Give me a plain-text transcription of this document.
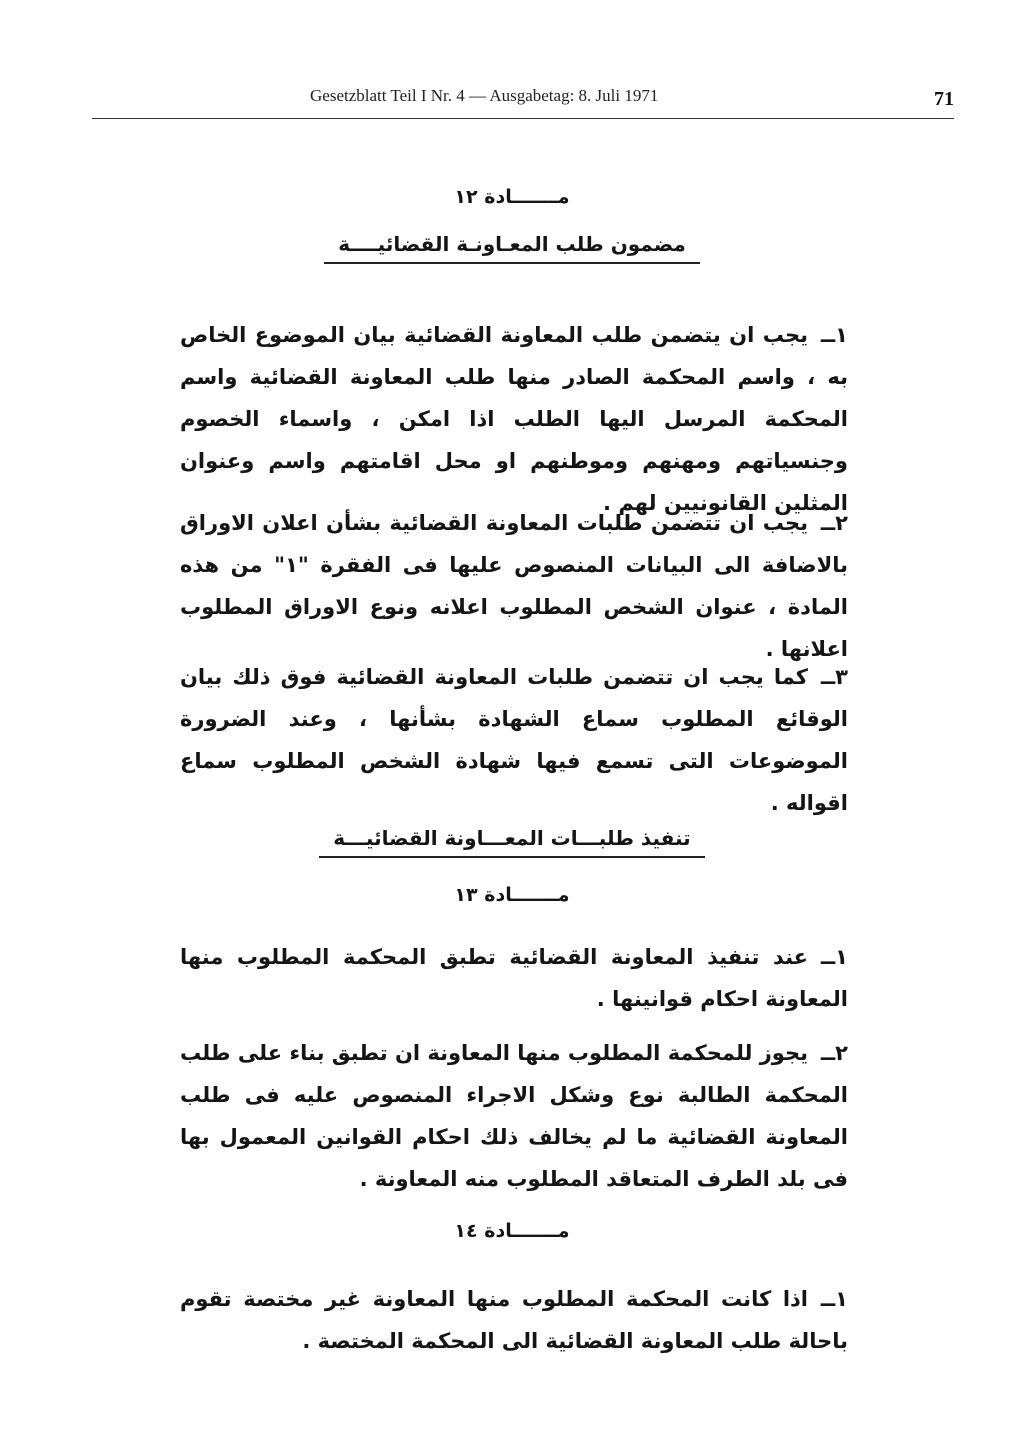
Gesetzblatt Teil I Nr. 4 — Ausgabetag: 8. Juli 1971	71
مـــــــادة ١٢
مضمون طلب المعـاونـة القضائيــــة
١ــيجب ان يتضمن طلب المعاونة القضائية بيان الموضوع الخاص به ، واسم المحكمة الصادر منها طلب المعاونة القضائية واسم المحكمة المرسل اليها الطلب اذا امكن ، واسماء الخصوم وجنسياتهم ومهنهم وموطنهم او محل اقامتهم واسم وعنوان المثلين القانونيين لهم .
٢ــيجب ان تتضمن طلبات المعاونة القضائية بشأن اعلان الاوراق بالاضافة الى البيانات المنصوص عليها فى الفقرة "١" من هذه المادة ، عنوان الشخص المطلوب اعلانه ونوع الاوراق المطلوب اعلانها .
٣ــكما يجب ان تتضمن طلبات المعاونة القضائية فوق ذلك بيان الوقائع المطلوب سماع الشهادة بشأنها ، وعند الضرورة الموضوعات التى تسمع فيها شهادة الشخص المطلوب سماع اقواله .
تنفيذ طلبـــات المعـــاونة القضائيـــة
مـــــــادة ١٣
١ــعند تنفيذ المعاونة القضائية تطبق المحكمة المطلوب منها المعاونة احكام قوانينها .
٢ــيجوز للمحكمة المطلوب منها المعاونة ان تطبق بناء على طلب المحكمة الطالبة نوع وشكل الاجراء المنصوص عليه فى طلب المعاونة القضائية ما لم يخالف ذلك احكام القوانين المعمول بها فى بلد الطرف المتعاقد المطلوب منه المعاونة .
مـــــــادة ١٤
١ــاذا كانت المحكمة المطلوب منها المعاونة غير مختصة تقوم باحالة طلب المعاونة القضائية الى المحكمة المختصة .
